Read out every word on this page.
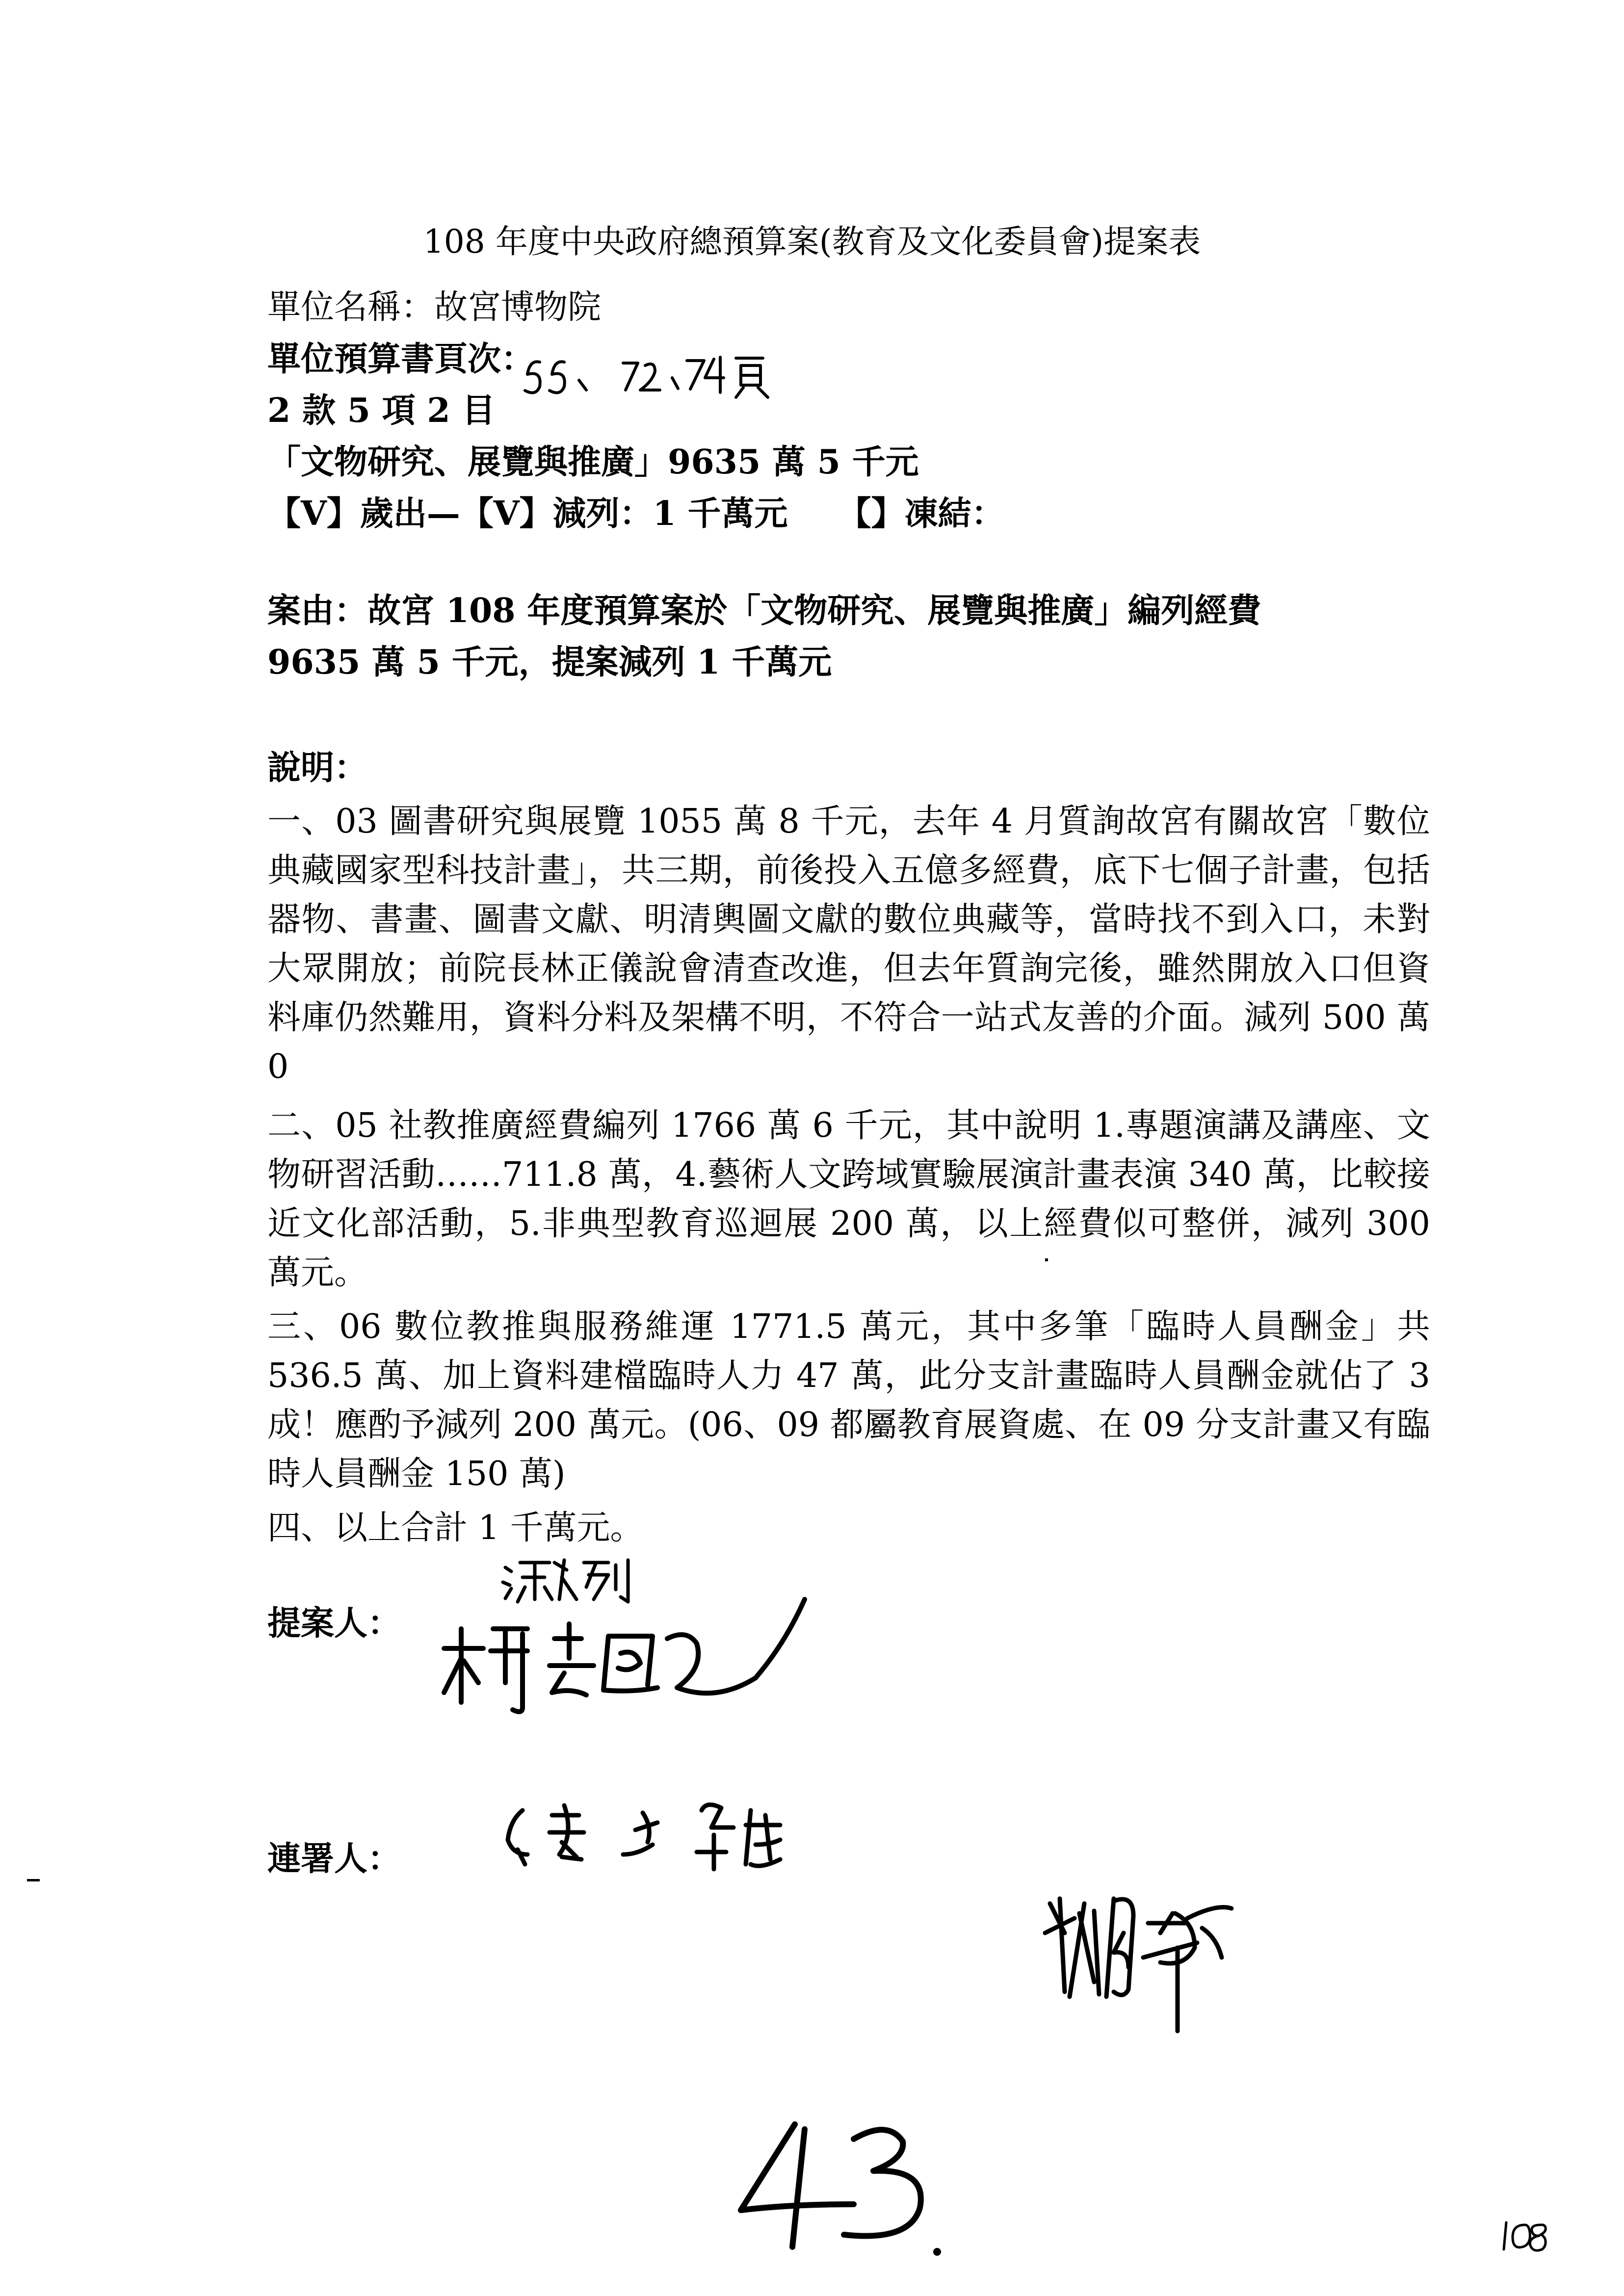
108 年度中央政府總預算案(教育及文化委員會)提案表
單位名稱：故宮博物院
單位預算書頁次：
2 款 5 項 2 目
「文物研究、展覽與推廣」9635 萬 5 千元
【V】歲出—【V】減列：1 千萬元　　【】凍結：
案由：故宮 108 年度預算案於「文物研究、展覽與推廣」編列經費
9635 萬 5 千元，提案減列 1 千萬元
說明：
一、03 圖書研究與展覽 1055 萬 8 千元，去年 4 月質詢故宮有關故宮「數位典藏國家型科技計畫」，共三期，前後投入五億多經費，底下七個子計畫，包括器物、書畫、圖書文獻、明清輿圖文獻的數位典藏等，當時找不到入口，未對大眾開放；前院長林正儀說會清查改進，但去年質詢完後，雖然開放入口但資料庫仍然難用，資料分料及架構不明，不符合一站式友善的介面。減列 500 萬 0
二、05 社教推廣經費編列 1766 萬 6 千元，其中說明 1.專題演講及講座、文物研習活動……711.8 萬，4.藝術人文跨域實驗展演計畫表演 340 萬，比較接近文化部活動，5.非典型教育巡迴展 200 萬，以上經費似可整併，減列 300 萬元。
三、06 數位教推與服務維運 1771.5 萬元，其中多筆「臨時人員酬金」共 536.5 萬、加上資料建檔臨時人力 47 萬，此分支計畫臨時人員酬金就佔了 3 成！應酌予減列 200 萬元。(06、09 都屬教育展資處、在 09 分支計畫又有臨時人員酬金 150 萬)
四、以上合計 1 千萬元。
提案人：
連署人：
